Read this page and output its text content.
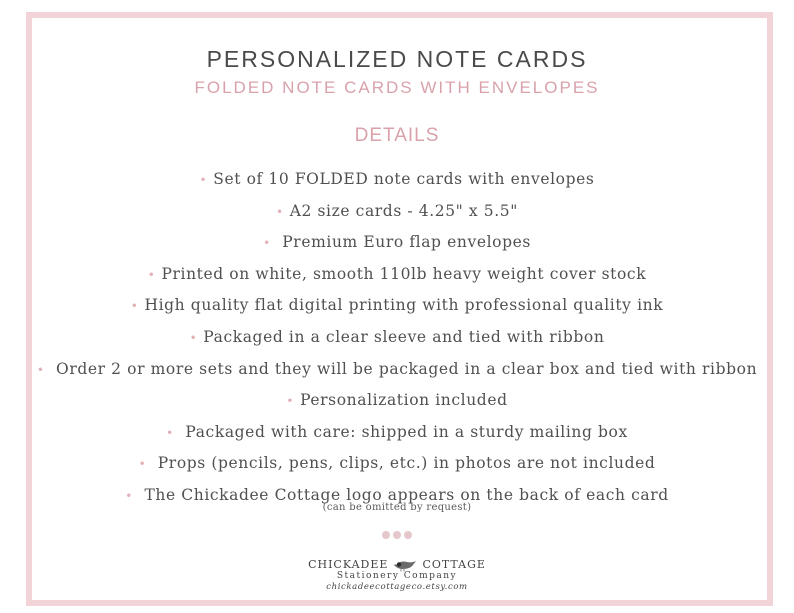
PERSONALIZED NOTE CARDS
FOLDED NOTE CARDS WITH ENVELOPES
DETAILS
• Set of 10 FOLDED note cards with envelopes
• A2 size cards - 4.25" x 5.5"
• Premium Euro flap envelopes
• Printed on white, smooth 110lb heavy weight cover stock
• High quality flat digital printing with professional quality ink
• Packaged in a clear sleeve and tied with ribbon
• Order 2 or more sets and they will be packaged in a clear box and tied with ribbon
• Personalization included
• Packaged with care: shipped in a sturdy mailing box
• Props (pencils, pens, clips, etc.) in photos are not included
• The Chickadee Cottage logo appears on the back of each card
(can be omitted by request)
CHICKADEE	COTTAGE
Stationery Company
chickadeecottageco.etsy.com
